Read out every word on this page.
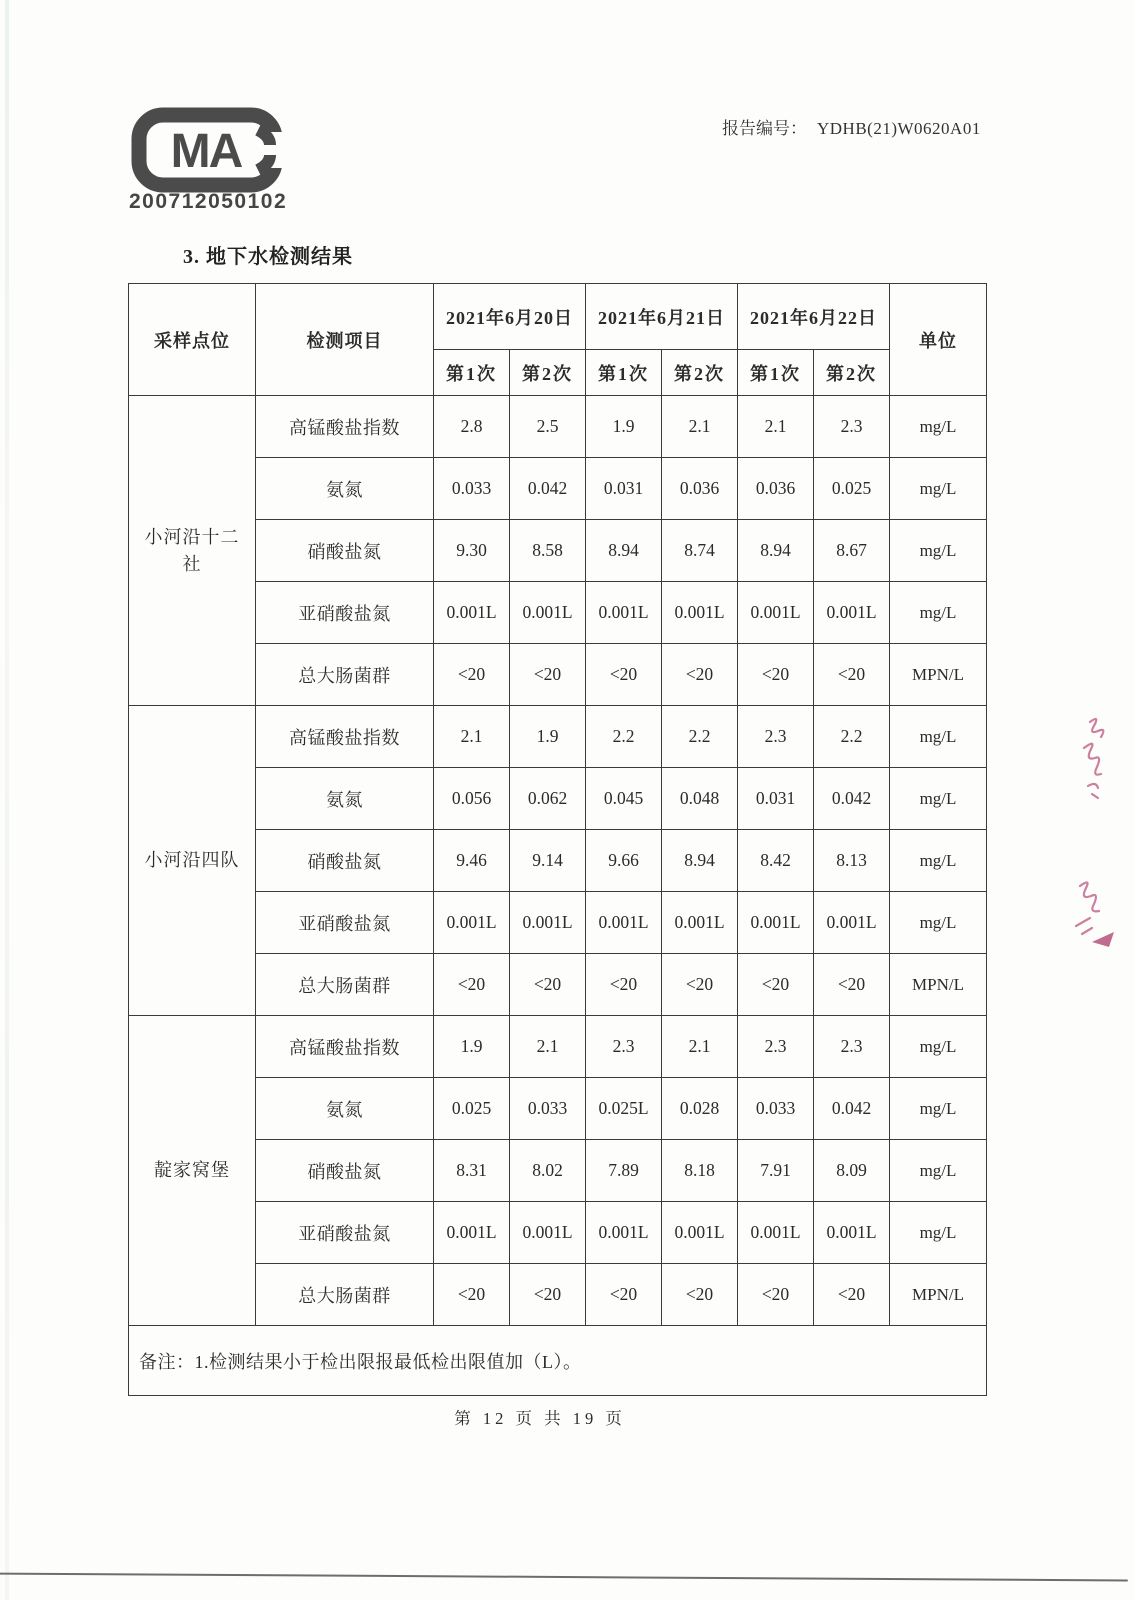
MA
200712050102
报告编号： YDHB(21)W0620A01
3. 地下水检测结果
采样点位	检测项目	2021年6月20日		2021年6月21日		2021年6月22日		单位
		第1次	第2次	第1次	第2次	第1次	第2次	
小河沿十二社	高锰酸盐指数	2.8	2.5	1.9	2.1	2.1	2.3	mg/L
	氨氮	0.033	0.042	0.031	0.036	0.036	0.025	mg/L
	硝酸盐氮	9.30	8.58	8.94	8.74	8.94	8.67	mg/L
	亚硝酸盐氮	0.001L	0.001L	0.001L	0.001L	0.001L	0.001L	mg/L
	总大肠菌群	<20	<20	<20	<20	<20	<20	MPN/L
小河沿四队	高锰酸盐指数	2.1	1.9	2.2	2.2	2.3	2.2	mg/L
	氨氮	0.056	0.062	0.045	0.048	0.031	0.042	mg/L
	硝酸盐氮	9.46	9.14	9.66	8.94	8.42	8.13	mg/L
	亚硝酸盐氮	0.001L	0.001L	0.001L	0.001L	0.001L	0.001L	mg/L
	总大肠菌群	<20	<20	<20	<20	<20	<20	MPN/L
靛家窝堡	高锰酸盐指数	1.9	2.1	2.3	2.1	2.3	2.3	mg/L
	氨氮	0.025	0.033	0.025L	0.028	0.033	0.042	mg/L
	硝酸盐氮	8.31	8.02	7.89	8.18	7.91	8.09	mg/L
	亚硝酸盐氮	0.001L	0.001L	0.001L	0.001L	0.001L	0.001L	mg/L
	总大肠菌群	<20	<20	<20	<20	<20	<20	MPN/L
备注：1.检测结果小于检出限报最低检出限值加（L）。								
第 12 页 共 19 页
